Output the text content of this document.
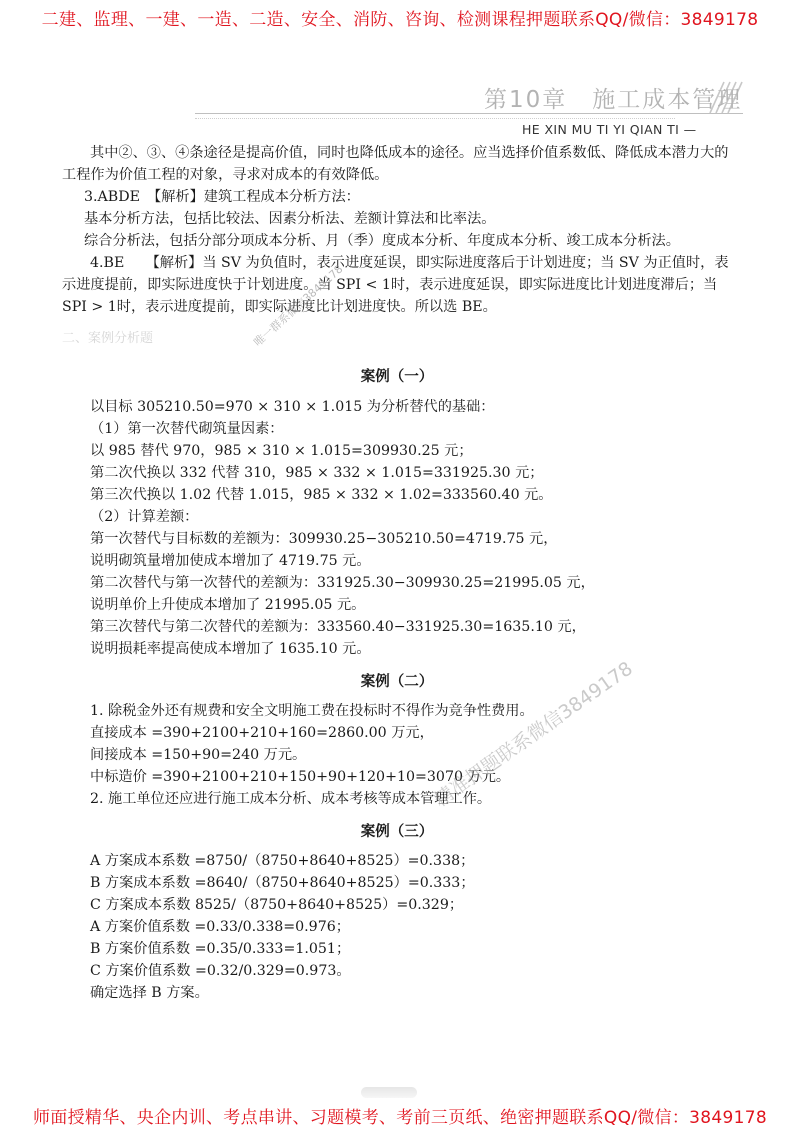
二建、监理、一建、一造、二造、安全、消防、咨询、检测课程押题联系QQ/微信：3849178
第10章　施工成本管理
HE XIN MU TI YI QIAN TI —

其中②、③、④条途径是提高价值，同时也降低成本的途径。应当选择价值系数低、降低成本潜力大的工程作为价值工程的对象，寻求对成本的有效降低。

3.ABDE　【解析】建筑工程成本分析方法：

基本分析方法，包括比较法、因素分析法、差额计算法和比率法。

综合分析法，包括分部分项成本分析、月（季）度成本分析、年度成本分析、竣工成本分析法。

4.BE　　【解析】当 SV 为负值时，表示进度延误，即实际进度落后于计划进度；当 SV 为正值时，表示进度提前，即实际进度快于计划进度。当 SPI < 1时，表示进度延误，即实际进度比计划进度滞后；当 SPI > 1时，表示进度提前，即实际进度比计划进度快。所以选 BE。

二、案例分析题

案例（一）

以目标 305210.50=970 × 310 × 1.015 为分析替代的基础：

（1）第一次替代砌筑量因素：

以 985 替代 970，985 × 310 × 1.015=309930.25 元；

第二次代换以 332 代替 310，985 × 332 × 1.015=331925.30 元；

第三次代换以 1.02 代替 1.015，985 × 332 × 1.02=333560.40 元。

（2）计算差额：

第一次替代与目标数的差额为：309930.25−305210.50=4719.75 元，

说明砌筑量增加使成本增加了 4719.75 元。

第二次替代与第一次替代的差额为：331925.30−309930.25=21995.05 元，

说明单价上升使成本增加了 21995.05 元。

第三次替代与第二次替代的差额为：333560.40−331925.30=1635.10 元，

说明损耗率提高使成本增加了 1635.10 元。

案例（二）

1. 除税金外还有规费和安全文明施工费在投标时不得作为竞争性费用。

直接成本 =390+2100+210+160=2860.00 万元，

间接成本 =150+90=240 万元。

中标造价 =390+2100+210+150+90+120+10=3070 万元。

2. 施工单位还应进行施工成本分析、成本考核等成本管理工作。

案例（三）

A 方案成本系数 =8750/（8750+8640+8525）=0.338；

B 方案成本系数 =8640/（8750+8640+8525）=0.333；

C 方案成本系数 8525/（8750+8640+8525）=0.329；

A 方案价值系数 =0.33/0.338=0.976；

B 方案价值系数 =0.35/0.333=1.051；

C 方案价值系数 =0.32/0.329=0.973。

确定选择 B 方案。

唯一群系微信3849178
精准押题联系微信3849178
师面授精华、央企内训、考点串讲、习题模考、考前三页纸、绝密押题联系QQ/微信：3849178
